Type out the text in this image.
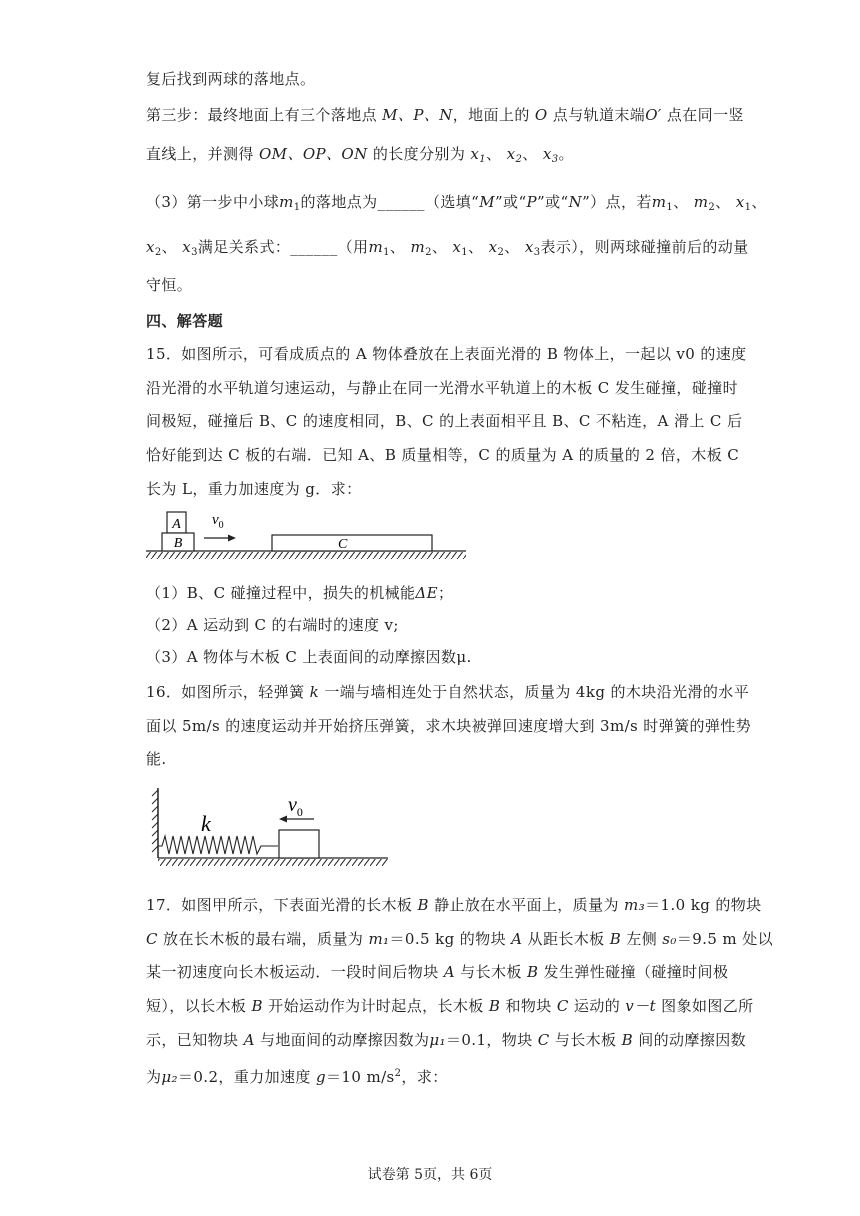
复后找到两球的落地点。
第三步：最终地面上有三个落地点 M、P、N，地面上的 O 点与轨道末端O′ 点在同一竖
直线上，并测得 OM、OP、ON 的长度分别为 $x_1$、 $x_2$、 $x_3$。
（3）第一步中小球$m_1$的落地点为______（选填“M”或“P”或“N”）点，若$m_1$、 $m_2$、 $x_1$、
$x_2$、 $x_3$满足关系式：______（用$m_1$、 $m_2$、 $x_1$、 $x_2$、 $x_3$表示），则两球碰撞前后的动量
守恒。
四、解答题
15．如图所示，可看成质点的 A 物体叠放在上表面光滑的 B 物体上，一起以 v0 的速度
沿光滑的水平轨道匀速运动，与静止在同一光滑水平轨道上的木板 C 发生碰撞，碰撞时
间极短，碰撞后 B、C 的速度相同，B、C 的上表面相平且 B、C 不粘连，A 滑上 C 后
恰好能到达 C 板的右端．已知 A、B 质量相等，C 的质量为 A 的质量的 2 倍，木板 C
长为 L，重力加速度为 g．求：
A
B
$v_0$
C
（1）B、C 碰撞过程中，损失的机械能ΔE；
（2）A 运动到 C 的右端时的速度 v;
（3）A 物体与木板 C 上表面间的动摩擦因数μ.
16．如图所示，轻弹簧 k 一端与墙相连处于自然状态，质量为 4kg 的木块沿光滑的水平
面以 5m/s 的速度运动并开始挤压弹簧，求木块被弹回速度增大到 3m/s 时弹簧的弹性势
能.
k
$v_0$
17．如图甲所示，下表面光滑的长木板 B 静止放在水平面上，质量为 m₃＝1.0 kg 的物块
C 放在长木板的最右端，质量为 m₁＝0.5 kg 的物块 A 从距长木板 B 左侧 s₀＝9.5 m 处以
某一初速度向长木板运动．一段时间后物块 A 与长木板 B 发生弹性碰撞（碰撞时间极
短），以长木板 B 开始运动作为计时起点，长木板 B 和物块 C 运动的 v－t 图象如图乙所
示，已知物块 A 与地面间的动摩擦因数为μ₁＝0.1，物块 C 与长木板 B 间的动摩擦因数
为μ₂＝0.2，重力加速度 g＝10 $m/s^2$，求：
试卷第 5页，共 6页
